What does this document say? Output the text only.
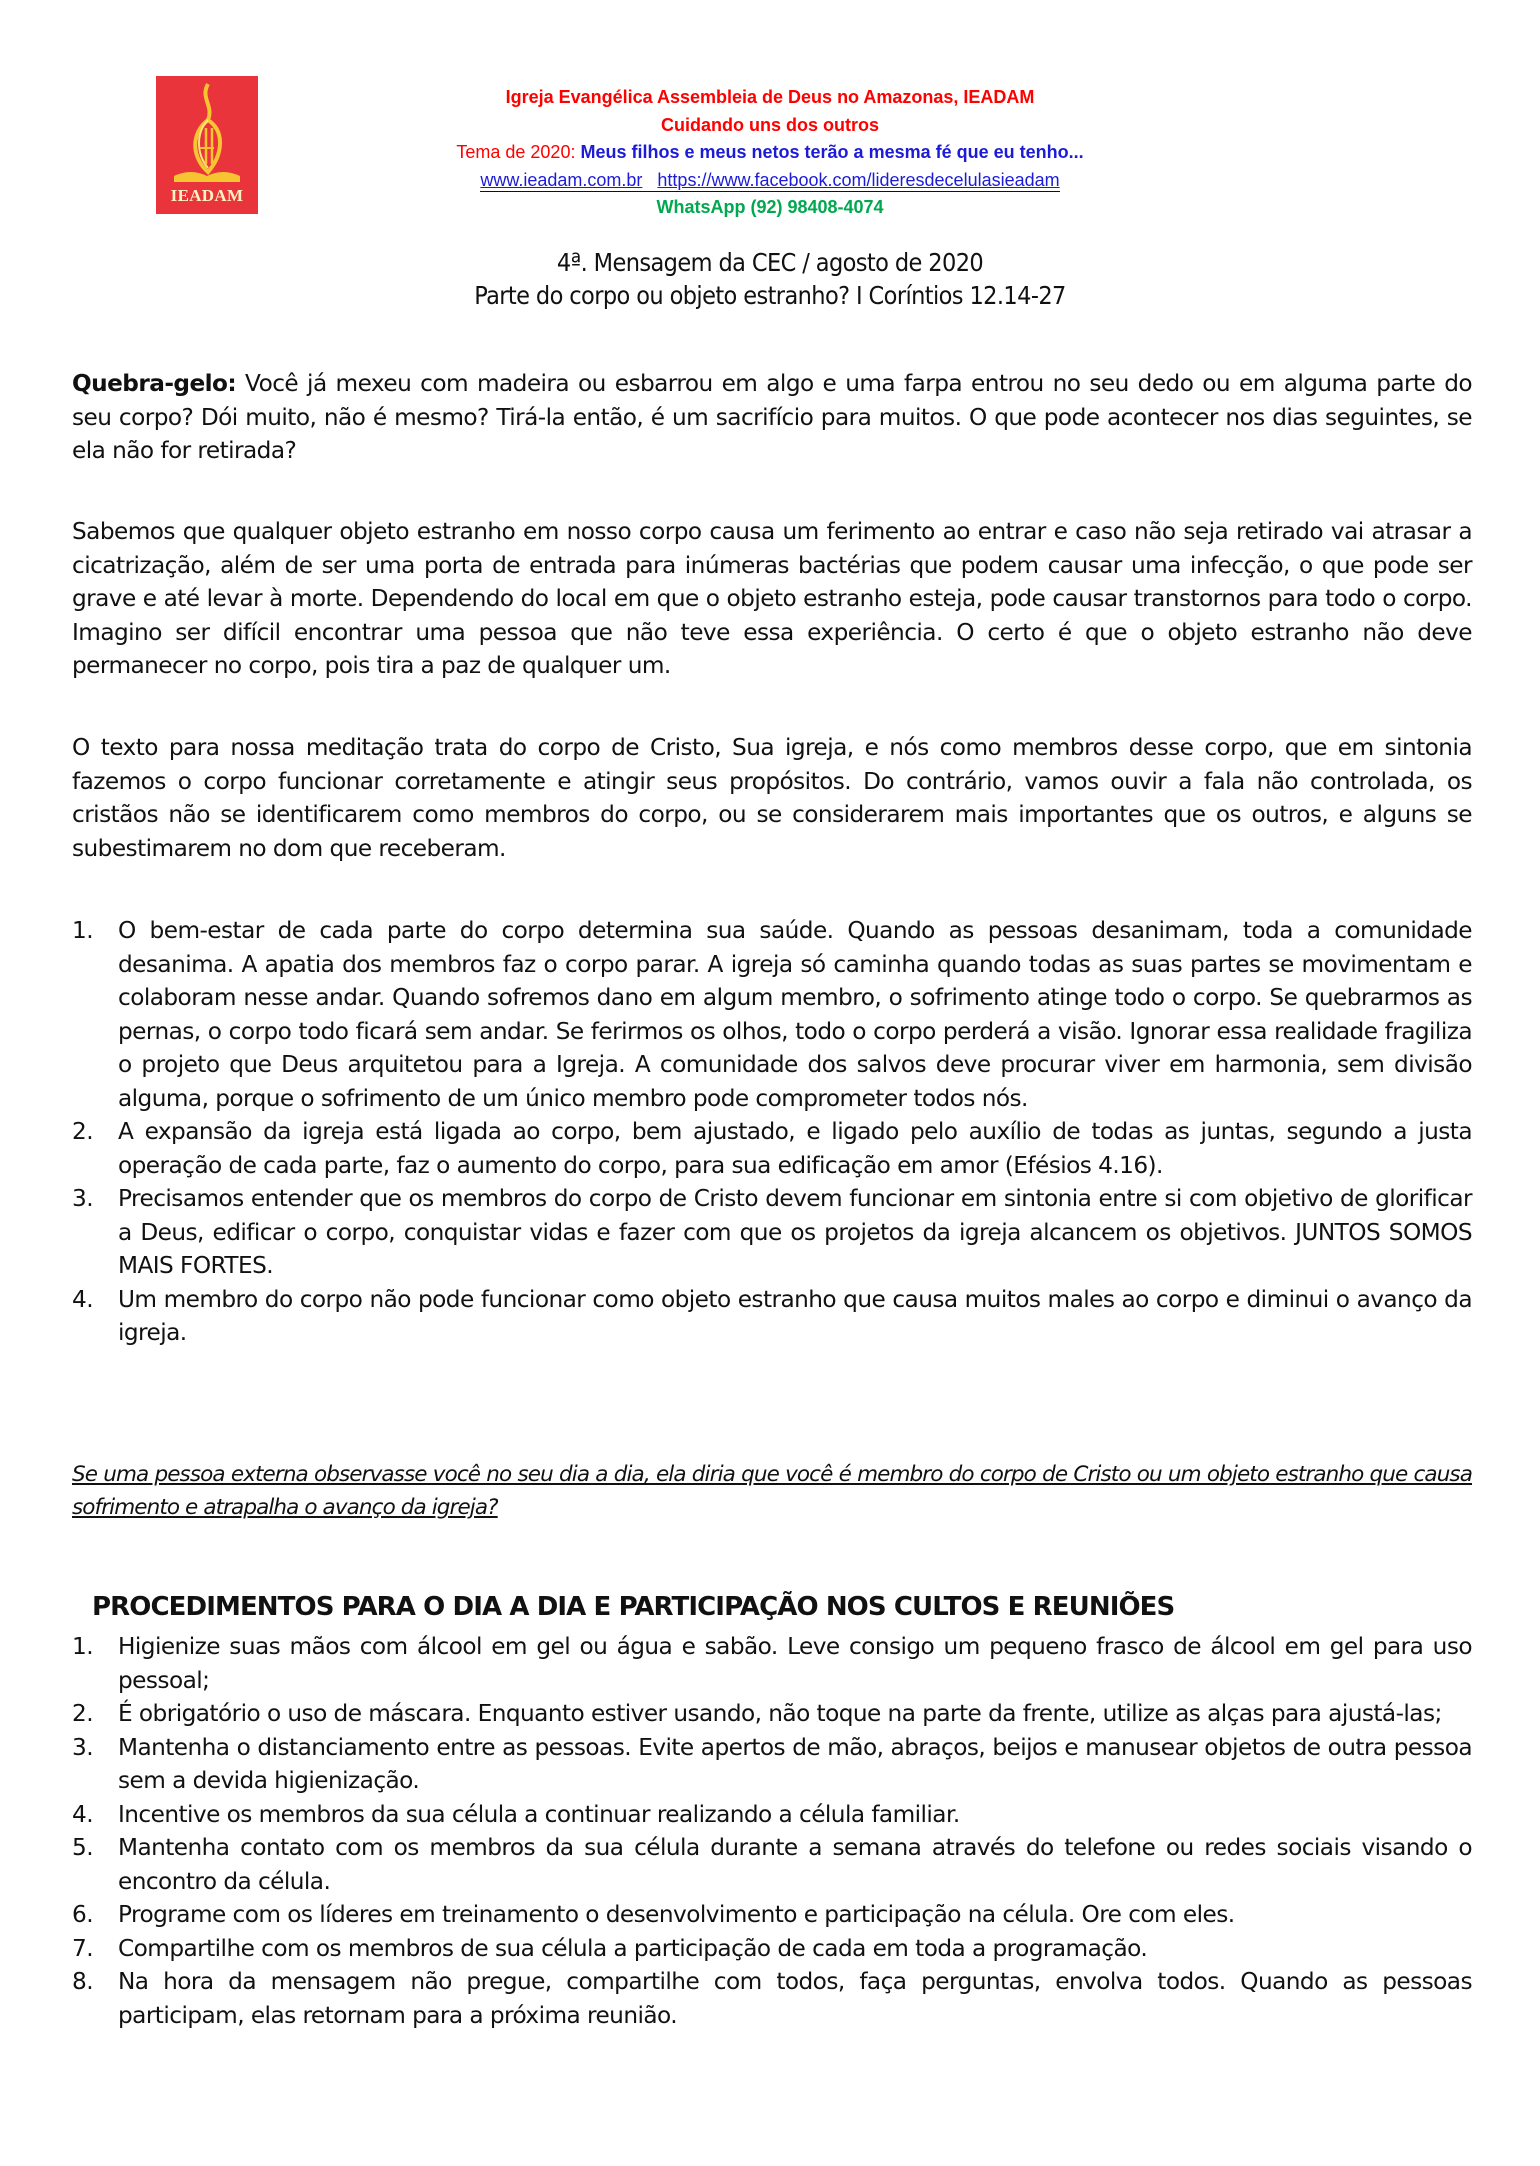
IEADAM
Igreja Evangélica Assembleia de Deus no Amazonas, IEADAM
Cuidando uns dos outros
Tema de 2020: Meus filhos e meus netos terão a mesma fé que eu tenho...
www.ieadam.com.br https://www.facebook.com/lideresdecelulasieadam
WhatsApp (92) 98408-4074
4ª. Mensagem da CEC / agosto de 2020
Parte do corpo ou objeto estranho? I Coríntios 12.14-27
Quebra-gelo: Você já mexeu com madeira ou esbarrou em algo e uma farpa entrou no seu dedo ou em alguma parte do seu corpo? Dói muito, não é mesmo? Tirá-la então, é um sacrifício para muitos. O que pode acontecer nos dias seguintes, se ela não for retirada?
Sabemos que qualquer objeto estranho em nosso corpo causa um ferimento ao entrar e caso não seja retirado vai atrasar a cicatrização, além de ser uma porta de entrada para inúmeras bactérias que podem causar uma infecção, o que pode ser grave e até levar à morte. Dependendo do local em que o objeto estranho esteja, pode causar transtornos para todo o corpo. Imagino ser difícil encontrar uma pessoa que não teve essa experiência. O certo é que o objeto estranho não deve permanecer no corpo, pois tira a paz de qualquer um.
O texto para nossa meditação trata do corpo de Cristo, Sua igreja, e nós como membros desse corpo, que em sintonia fazemos o corpo funcionar corretamente e atingir seus propósitos. Do contrário, vamos ouvir a fala não controlada, os cristãos não se identificarem como membros do corpo, ou se considerarem mais importantes que os outros, e alguns se subestimarem no dom que receberam.
1. O bem-estar de cada parte do corpo determina sua saúde. Quando as pessoas desanimam, toda a comunidade desanima. A apatia dos membros faz o corpo parar. A igreja só caminha quando todas as suas partes se movimentam e colaboram nesse andar. Quando sofremos dano em algum membro, o sofrimento atinge todo o corpo. Se quebrarmos as pernas, o corpo todo ficará sem andar. Se ferirmos os olhos, todo o corpo perderá a visão. Ignorar essa realidade fragiliza o projeto que Deus arquitetou para a Igreja. A comunidade dos salvos deve procurar viver em harmonia, sem divisão alguma, porque o sofrimento de um único membro pode comprometer todos nós.
2. A expansão da igreja está ligada ao corpo, bem ajustado, e ligado pelo auxílio de todas as juntas, segundo a justa operação de cada parte, faz o aumento do corpo, para sua edificação em amor (Efésios 4.16).
3. Precisamos entender que os membros do corpo de Cristo devem funcionar em sintonia entre si com objetivo de glorificar a Deus, edificar o corpo, conquistar vidas e fazer com que os projetos da igreja alcancem os objetivos. JUNTOS SOMOS MAIS FORTES.
4. Um membro do corpo não pode funcionar como objeto estranho que causa muitos males ao corpo e diminui o avanço da igreja.
Se uma pessoa externa observasse você no seu dia a dia, ela diria que você é membro do corpo de Cristo ou um objeto estranho que causa sofrimento e atrapalha o avanço da igreja?
PROCEDIMENTOS PARA O DIA A DIA E PARTICIPAÇÃO NOS CULTOS E REUNIÕES
1. Higienize suas mãos com álcool em gel ou água e sabão. Leve consigo um pequeno frasco de álcool em gel para uso pessoal;
2. É obrigatório o uso de máscara. Enquanto estiver usando, não toque na parte da frente, utilize as alças para ajustá-las;
3. Mantenha o distanciamento entre as pessoas. Evite apertos de mão, abraços, beijos e manusear objetos de outra pessoa sem a devida higienização.
4. Incentive os membros da sua célula a continuar realizando a célula familiar.
5. Mantenha contato com os membros da sua célula durante a semana através do telefone ou redes sociais visando o encontro da célula.
6. Programe com os líderes em treinamento o desenvolvimento e participação na célula. Ore com eles.
7. Compartilhe com os membros de sua célula a participação de cada em toda a programação.
8. Na hora da mensagem não pregue, compartilhe com todos, faça perguntas, envolva todos. Quando as pessoas participam, elas retornam para a próxima reunião.
